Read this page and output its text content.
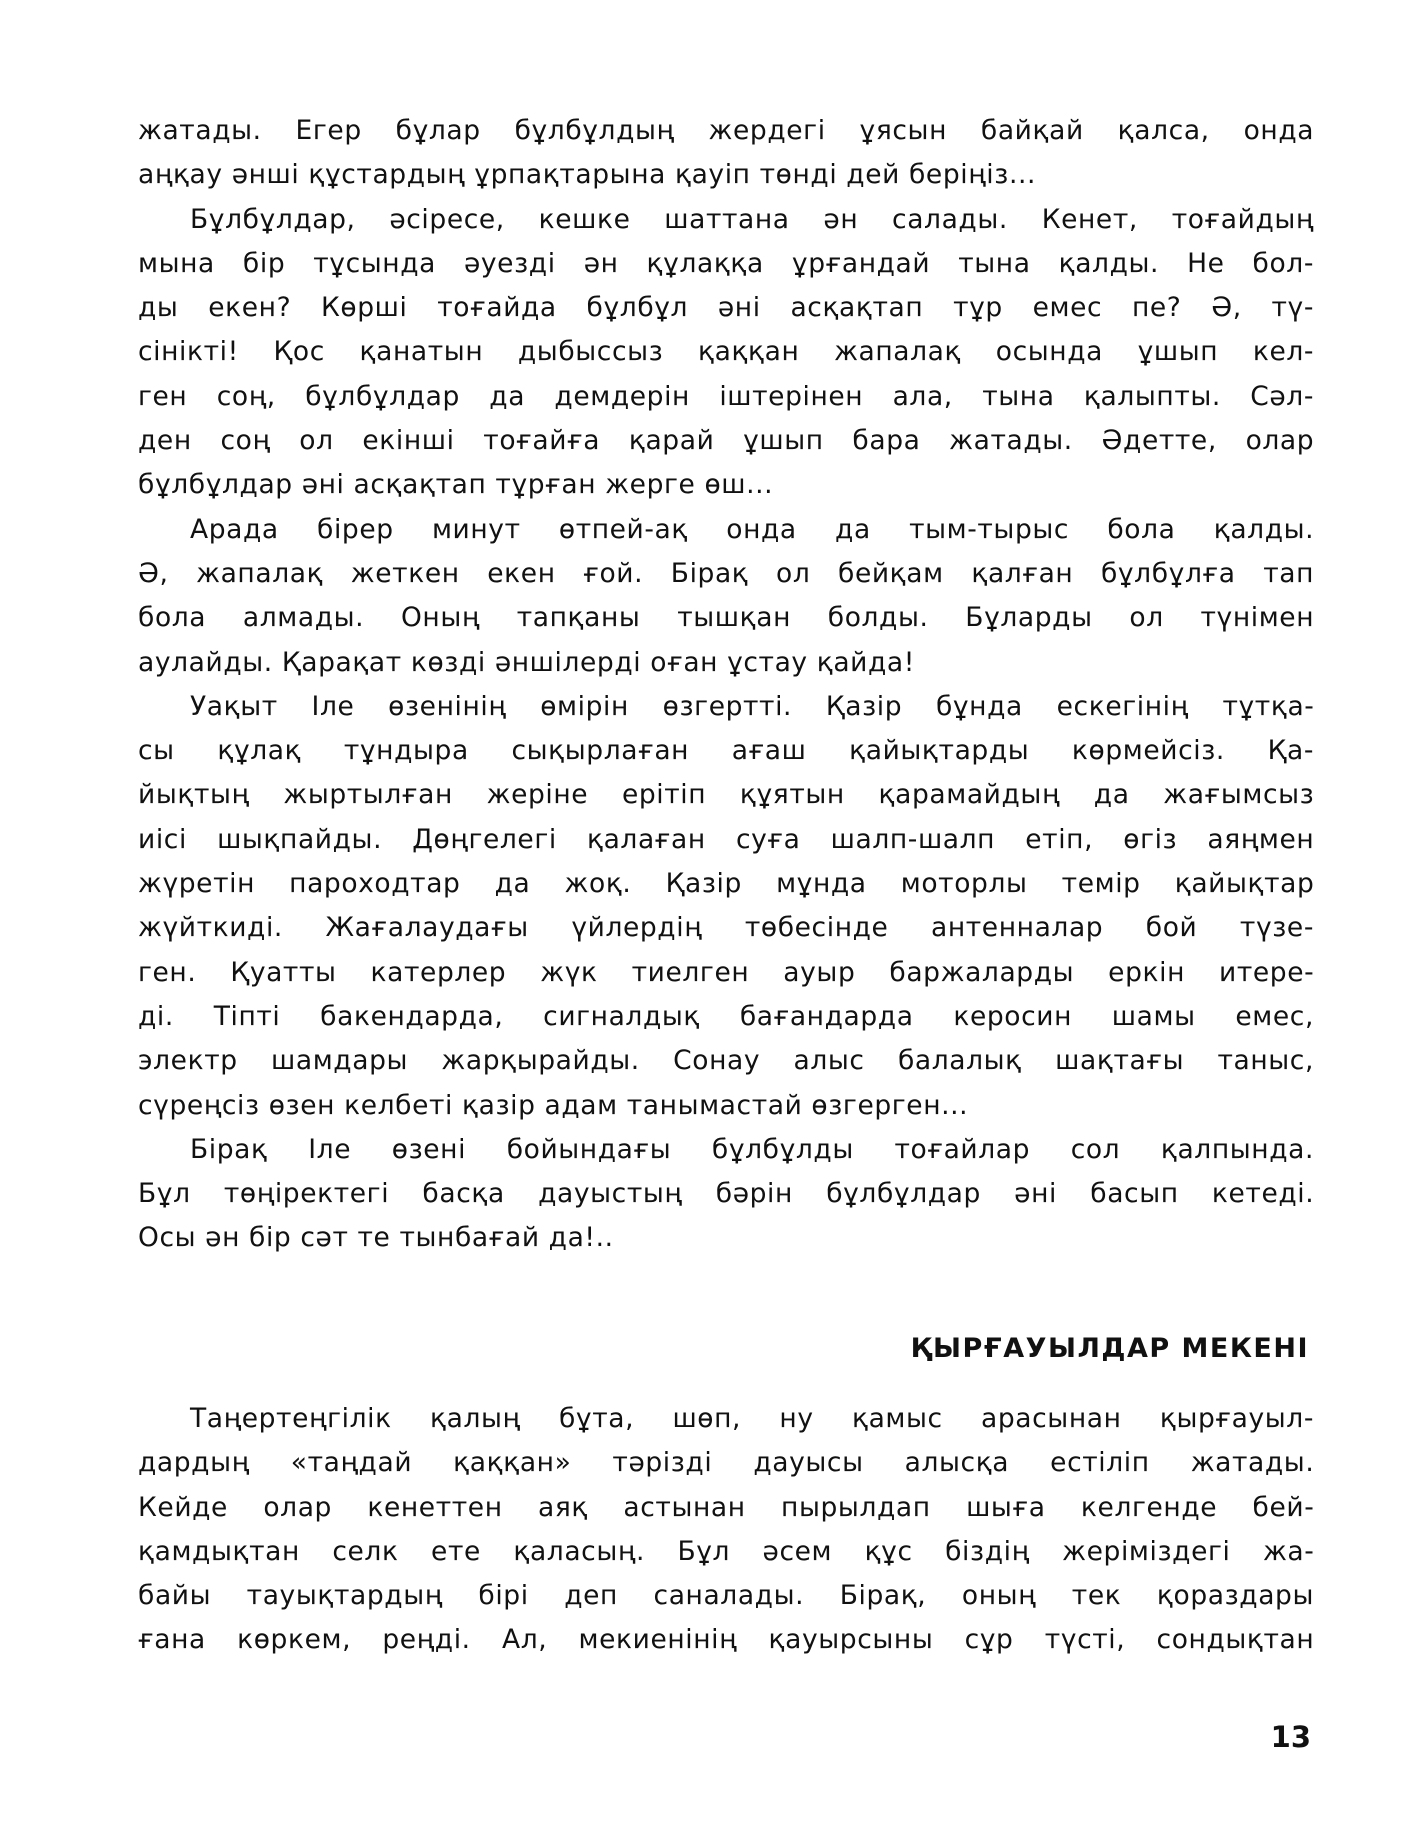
жатады. Егер бұлар бұлбұлдың жердегі ұясын байқай қалса, онда
аңқау әнші құстардың ұрпақтарына қауіп төнді дей беріңіз...
Бұлбұлдар, әсіресе, кешке шаттана ән салады. Кенет, тоғайдың
мына бір тұсында әуезді ән құлаққа ұрғандай тына қалды. Не бол-
ды екен? Көрші тоғайда бұлбұл әні асқақтап тұр емес пе? Ә, тү-
сінікті! Қос қанатын дыбыссыз қаққан жапалақ осында ұшып кел-
ген соң, бұлбұлдар да демдерін іштерінен ала, тына қалыпты. Сәл-
ден соң ол екінші тоғайға қарай ұшып бара жатады. Әдетте, олар
бұлбұлдар әні асқақтап тұрған жерге өш...
Арада бірер минут өтпей-ақ онда да тым-тырыс бола қалды.
Ә, жапалақ жеткен екен ғой. Бірақ ол бейқам қалған бұлбұлға тап
бола алмады. Оның тапқаны тышқан болды. Бұларды ол түнімен
аулайды. Қарақат көзді әншілерді оған ұстау қайда!
Уақыт Іле өзенінің өмірін өзгертті. Қазір бұнда ескегінің тұтқа-
сы құлақ тұндыра сықырлаған ағаш қайықтарды көрмейсіз. Қа-
йықтың жыртылған жеріне ерітіп құятын қарамайдың да жағымсыз
иісі шықпайды. Дөңгелегі қалаған суға шалп-шалп етіп, өгіз аяңмен
жүретін пароходтар да жоқ. Қазір мұнда моторлы темір қайықтар
жүйткиді. Жағалаудағы үйлердің төбесінде антенналар бой түзе-
ген. Қуатты катерлер жүк тиелген ауыр баржаларды еркін итере-
ді. Тіпті бакендарда, сигналдық бағандарда керосин шамы емес,
электр шамдары жарқырайды. Сонау алыс балалық шақтағы таныс,
сүреңсіз өзен келбеті қазір адам танымастай өзгерген...
Бірақ Іле өзені бойындағы бұлбұлды тоғайлар сол қалпында.
Бұл төңіректегі басқа дауыстың бәрін бұлбұлдар әні басып кетеді.
Осы ән бір сәт те тынбағай да!..
ҚЫРҒАУЫЛДАР МЕКЕНІ
Таңертеңгілік қалың бұта, шөп, ну қамыс арасынан қырғауыл-
дардың «таңдай қаққан» тәрізді дауысы алысқа естіліп жатады.
Кейде олар кенеттен аяқ астынан пырылдап шыға келгенде бей-
қамдықтан селк ете қаласың. Бұл әсем құс біздің жеріміздегі жа-
байы тауықтардың бірі деп саналады. Бірақ, оның тек қораздары
ғана көркем, реңді. Ал, мекиенінің қауырсыны сұр түсті, сондықтан
13
